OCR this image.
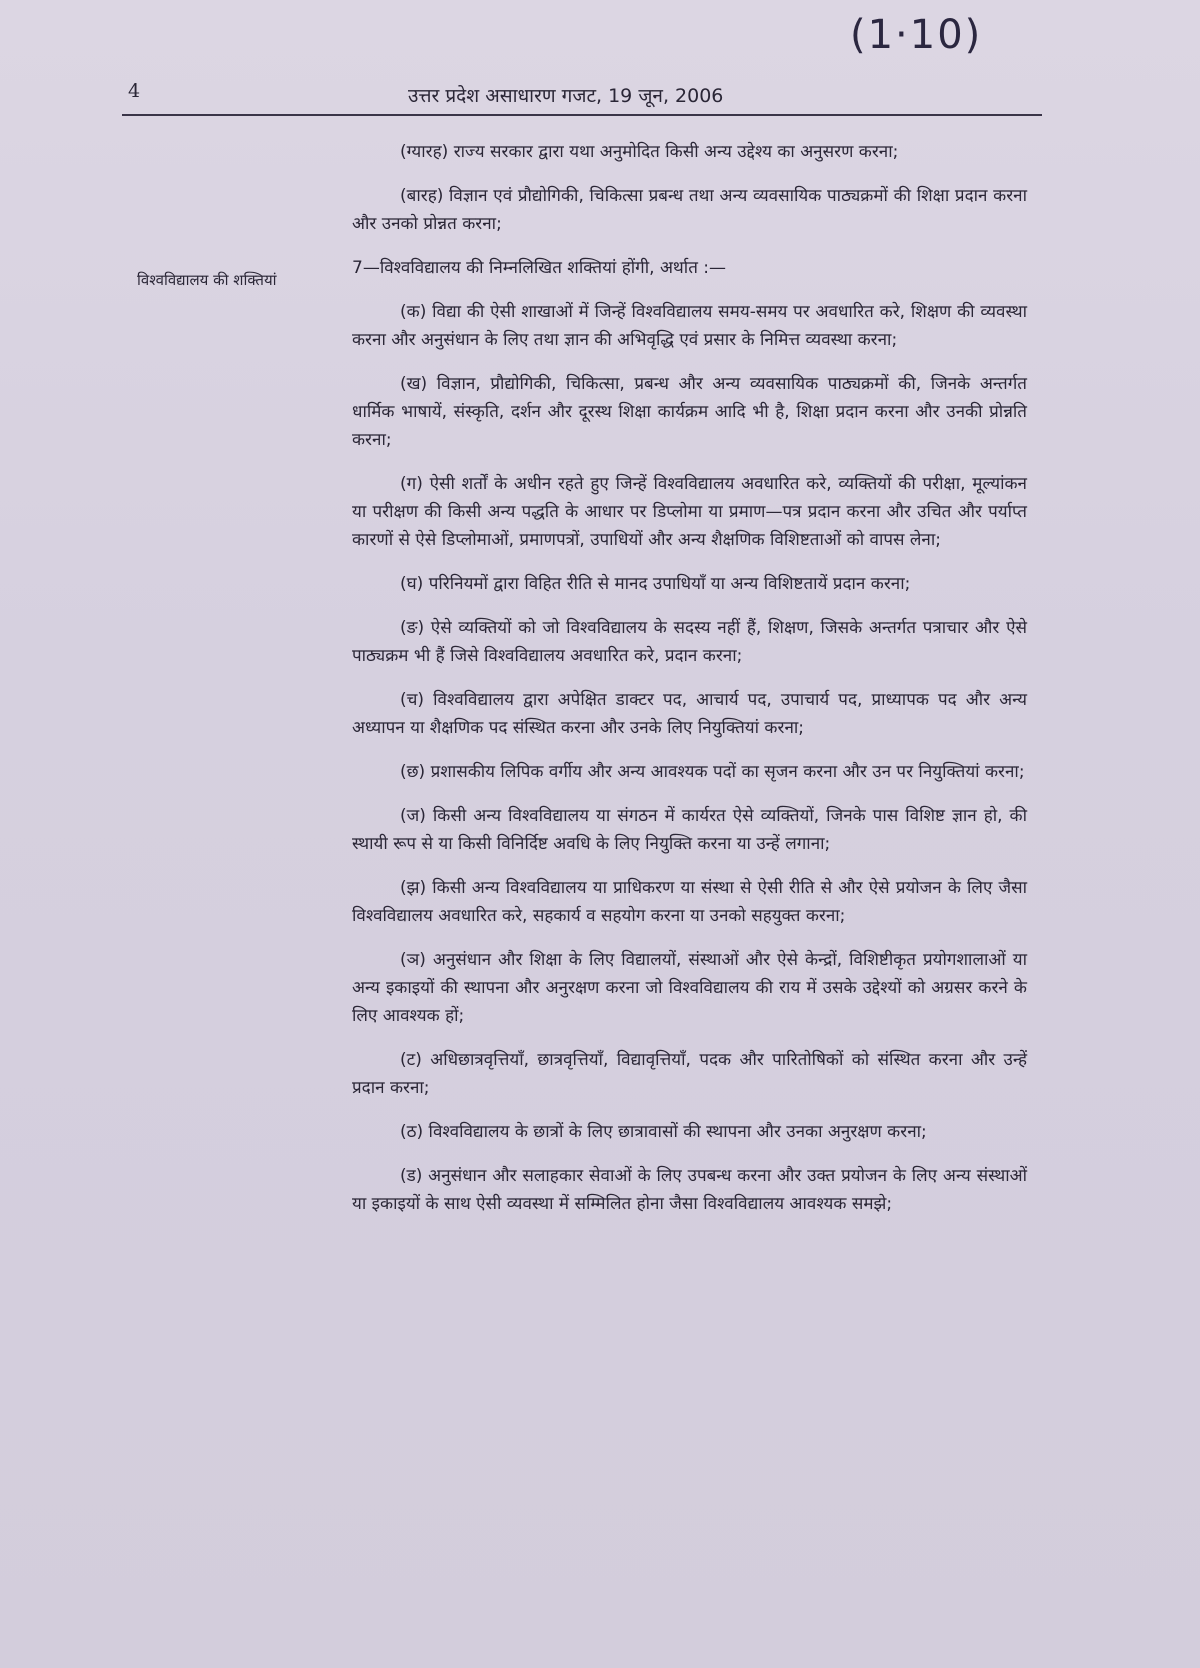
(1·10)
4	उत्तर प्रदेश असाधारण गजट, 19 जून, 2006
विश्वविद्यालय की शक्तियां

(ग्यारह) राज्य सरकार द्वारा यथा अनुमोदित किसी अन्य उद्देश्य का अनुसरण करना;

(बारह) विज्ञान एवं प्रौद्योगिकी, चिकित्सा प्रबन्ध तथा अन्य व्यवसायिक पाठ्यक्रमों की शिक्षा प्रदान करना और उनको प्रोन्नत करना;

7—विश्वविद्यालय की निम्नलिखित शक्तियां होंगी, अर्थात :—

(क) विद्या की ऐसी शाखाओं में जिन्हें विश्वविद्यालय समय-समय पर अवधारित करे, शिक्षण की व्यवस्था करना और अनुसंधान के लिए तथा ज्ञान की अभिवृद्धि एवं प्रसार के निमित्त व्यवस्था करना;

(ख) विज्ञान, प्रौद्योगिकी, चिकित्सा, प्रबन्ध और अन्य व्यवसायिक पाठ्यक्रमों की, जिनके अन्तर्गत धार्मिक भाषायें, संस्कृति, दर्शन और दूरस्थ शिक्षा कार्यक्रम आदि भी है, शिक्षा प्रदान करना और उनकी प्रोन्नति करना;

(ग) ऐसी शर्तों के अधीन रहते हुए जिन्हें विश्वविद्यालय अवधारित करे, व्यक्तियों की परीक्षा, मूल्यांकन या परीक्षण की किसी अन्य पद्धति के आधार पर डिप्लोमा या प्रमाण—पत्र प्रदान करना और उचित और पर्याप्त कारणों से ऐसे डिप्लोमाओं, प्रमाणपत्रों, उपाधियों और अन्य शैक्षणिक विशिष्टताओं को वापस लेना;

(घ) परिनियमों द्वारा विहित रीति से मानद उपाधियाँ या अन्य विशिष्टतायें प्रदान करना;

(ङ) ऐसे व्यक्तियों को जो विश्वविद्यालय के सदस्य नहीं हैं, शिक्षण, जिसके अन्तर्गत पत्राचार और ऐसे पाठ्यक्रम भी हैं जिसे विश्वविद्यालय अवधारित करे, प्रदान करना;

(च) विश्वविद्यालय द्वारा अपेक्षित डाक्टर पद, आचार्य पद, उपाचार्य पद, प्राध्यापक पद और अन्य अध्यापन या शैक्षणिक पद संस्थित करना और उनके लिए नियुक्तियां करना;

(छ) प्रशासकीय लिपिक वर्गीय और अन्य आवश्यक पदों का सृजन करना और उन पर नियुक्तियां करना;

(ज) किसी अन्य विश्वविद्यालय या संगठन में कार्यरत ऐसे व्यक्तियों, जिनके पास विशिष्ट ज्ञान हो, की स्थायी रूप से या किसी विनिर्दिष्ट अवधि के लिए नियुक्ति करना या उन्हें लगाना;

(झ) किसी अन्य विश्वविद्यालय या प्राधिकरण या संस्था से ऐसी रीति से और ऐसे प्रयोजन के लिए जैसा विश्वविद्यालय अवधारित करे, सहकार्य व सहयोग करना या उनको सहयुक्त करना;

(ञ) अनुसंधान और शिक्षा के लिए विद्यालयों, संस्थाओं और ऐसे केन्द्रों, विशिष्टीकृत प्रयोगशालाओं या अन्य इकाइयों की स्थापना और अनुरक्षण करना जो विश्वविद्यालय की राय में उसके उद्देश्यों को अग्रसर करने के लिए आवश्यक हों;

(ट) अधिछात्रवृत्तियाँ, छात्रवृत्तियाँ, विद्यावृत्तियाँ, पदक और पारितोषिकों को संस्थित करना और उन्हें प्रदान करना;

(ठ) विश्वविद्यालय के छात्रों के लिए छात्रावासों की स्थापना और उनका अनुरक्षण करना;

(ड) अनुसंधान और सलाहकार सेवाओं के लिए उपबन्ध करना और उक्त प्रयोजन के लिए अन्य संस्थाओं या इकाइयों के साथ ऐसी व्यवस्था में सम्मिलित होना जैसा विश्वविद्यालय आवश्यक समझे;
